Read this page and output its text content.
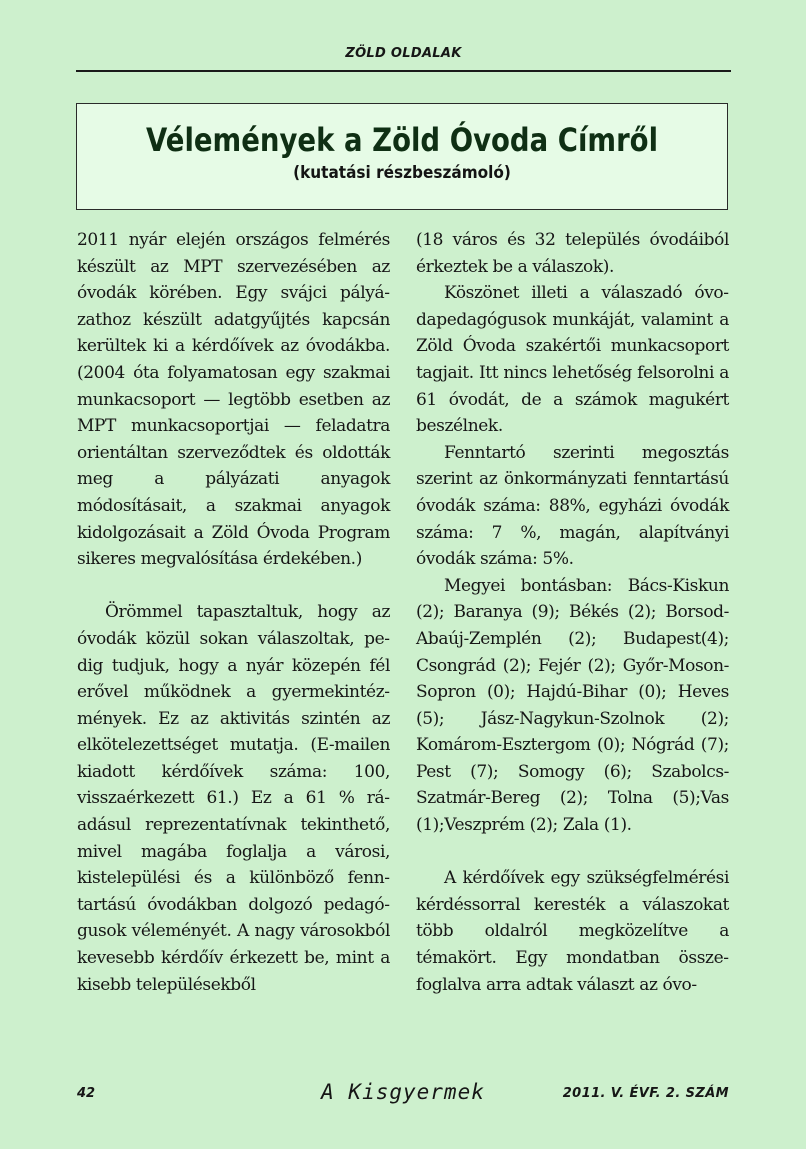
ZÖLD OLDALAK
Vélemények a Zöld Óvoda Címről
(kutatási részbeszámoló)

2011 nyár elején országos felmérés készült az MPT szervezésében az óvodák körében. Egy svájci pályázathoz készült adatgyűjtés kapcsán kerültek ki a kérdőívek az óvodákba. (2004 óta folyamatosan egy szakmai munkacsoport — legtöbb esetben az MPT munkacsoportjai — feladatra orientáltan szerveződtek és oldották meg a pályázati anyagok módosításait, a szakmai anyagok kidolgozásait a Zöld Óvoda Program sikeres megvalósítása érdekében.)

Örömmel tapasztaltuk, hogy az óvodák közül sokan válaszoltak, pedig tudjuk, hogy a nyár közepén fél erővel működnek a gyermekintézmények. Ez az aktivitás szintén az elkötelezettséget mutatja. (E-mailen kiadott kérdőívek száma: 100, visszaérkezett 61.) Ez a 61 % ráadásul reprezentatívnak tekinthető, mivel magába foglalja a városi, kistelepülési és a különböző fenntartású óvodákban dolgozó pedagógusok véleményét. A nagy városokból kevesebb kérdőív érkezett be, mint a kisebb településekből

(18 város és 32 település óvodáiból érkeztek be a válaszok).

Köszönet illeti a válaszadó óvodapedagógusok munkáját, valamint a Zöld Óvoda szakértői munkacsoport tagjait. Itt nincs lehetőség felsorolni a 61 óvodát, de a számok magukért beszélnek.

Fenntartó szerinti megosztás szerint az önkormányzati fenntartású óvodák száma: 88%, egyházi óvodák száma: 7 %, magán, alapítványi óvodák száma: 5%.

Megyei bontásban: Bács-Kiskun (2); Baranya (9); Békés (2); Borsod-Abaúj-Zemplén (2); Budapest(4); Csongrád (2); Fejér (2); Győr-Moson-Sopron (0); Hajdú-Bihar (0); Heves (5); Jász-Nagykun-Szolnok (2); Komárom-Esztergom (0); Nógrád (7); Pest (7); Somogy (6); Szabolcs-Szatmár-Bereg (2); Tolna (5);Vas (1);Veszprém (2); Zala (1).

A kérdőívek egy szükségfelmérési kérdéssorral keresték a válaszokat több oldalról megközelítve a témakört. Egy mondatban összefoglalva arra adtak választ az óvo-

42	A Kisgyermek	2011. V. ÉVF. 2. SZÁM
